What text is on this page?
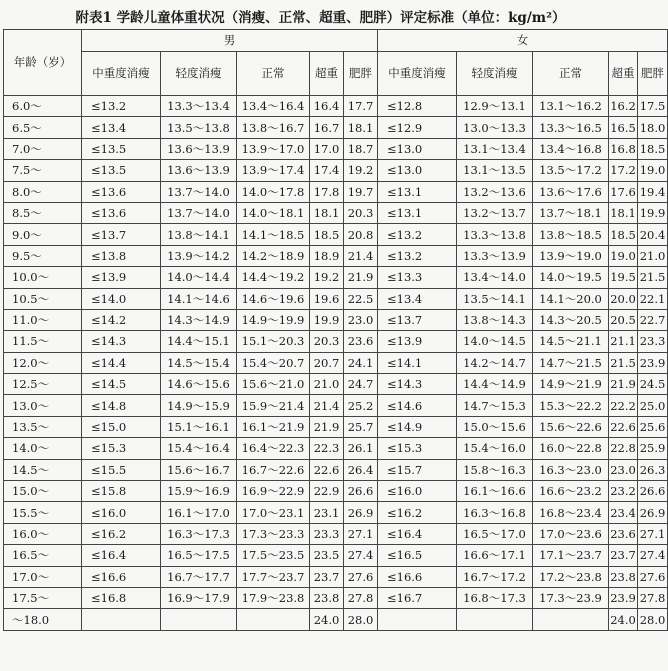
附表1 学龄儿童体重状况（消瘦、正常、超重、肥胖）评定标准（单位：kg/m²）
年龄（岁）	男					女				
	中重度消瘦	轻度消瘦	正常	超重	肥胖	中重度消瘦	轻度消瘦	正常	超重	肥胖
6.0～	≤13.2	13.3～13.4	13.4～16.4	16.4	17.7	≤12.8	12.9～13.1	13.1～16.2	16.2	17.5
6.5～	≤13.4	13.5～13.8	13.8～16.7	16.7	18.1	≤12.9	13.0～13.3	13.3～16.5	16.5	18.0
7.0～	≤13.5	13.6～13.9	13.9～17.0	17.0	18.7	≤13.0	13.1～13.4	13.4～16.8	16.8	18.5
7.5～	≤13.5	13.6～13.9	13.9～17.4	17.4	19.2	≤13.0	13.1～13.5	13.5～17.2	17.2	19.0
8.0～	≤13.6	13.7～14.0	14.0～17.8	17.8	19.7	≤13.1	13.2～13.6	13.6～17.6	17.6	19.4
8.5～	≤13.6	13.7～14.0	14.0～18.1	18.1	20.3	≤13.1	13.2～13.7	13.7～18.1	18.1	19.9
9.0～	≤13.7	13.8～14.1	14.1～18.5	18.5	20.8	≤13.2	13.3～13.8	13.8～18.5	18.5	20.4
9.5～	≤13.8	13.9～14.2	14.2～18.9	18.9	21.4	≤13.2	13.3～13.9	13.9～19.0	19.0	21.0
10.0～	≤13.9	14.0～14.4	14.4～19.2	19.2	21.9	≤13.3	13.4～14.0	14.0～19.5	19.5	21.5
10.5～	≤14.0	14.1～14.6	14.6～19.6	19.6	22.5	≤13.4	13.5～14.1	14.1～20.0	20.0	22.1
11.0～	≤14.2	14.3～14.9	14.9～19.9	19.9	23.0	≤13.7	13.8～14.3	14.3～20.5	20.5	22.7
11.5～	≤14.3	14.4～15.1	15.1～20.3	20.3	23.6	≤13.9	14.0～14.5	14.5～21.1	21.1	23.3
12.0～	≤14.4	14.5～15.4	15.4～20.7	20.7	24.1	≤14.1	14.2～14.7	14.7～21.5	21.5	23.9
12.5～	≤14.5	14.6～15.6	15.6～21.0	21.0	24.7	≤14.3	14.4～14.9	14.9～21.9	21.9	24.5
13.0～	≤14.8	14.9～15.9	15.9～21.4	21.4	25.2	≤14.6	14.7～15.3	15.3～22.2	22.2	25.0
13.5～	≤15.0	15.1～16.1	16.1～21.9	21.9	25.7	≤14.9	15.0～15.6	15.6～22.6	22.6	25.6
14.0～	≤15.3	15.4～16.4	16.4～22.3	22.3	26.1	≤15.3	15.4～16.0	16.0～22.8	22.8	25.9
14.5～	≤15.5	15.6～16.7	16.7～22.6	22.6	26.4	≤15.7	15.8～16.3	16.3～23.0	23.0	26.3
15.0～	≤15.8	15.9～16.9	16.9～22.9	22.9	26.6	≤16.0	16.1～16.6	16.6～23.2	23.2	26.6
15.5～	≤16.0	16.1～17.0	17.0～23.1	23.1	26.9	≤16.2	16.3～16.8	16.8～23.4	23.4	26.9
16.0～	≤16.2	16.3～17.3	17.3～23.3	23.3	27.1	≤16.4	16.5～17.0	17.0～23.6	23.6	27.1
16.5～	≤16.4	16.5～17.5	17.5～23.5	23.5	27.4	≤16.5	16.6～17.1	17.1～23.7	23.7	27.4
17.0～	≤16.6	16.7～17.7	17.7～23.7	23.7	27.6	≤16.6	16.7～17.2	17.2～23.8	23.8	27.6
17.5～	≤16.8	16.9～17.9	17.9～23.8	23.8	27.8	≤16.7	16.8～17.3	17.3～23.9	23.9	27.8
～18.0				24.0	28.0				24.0	28.0
